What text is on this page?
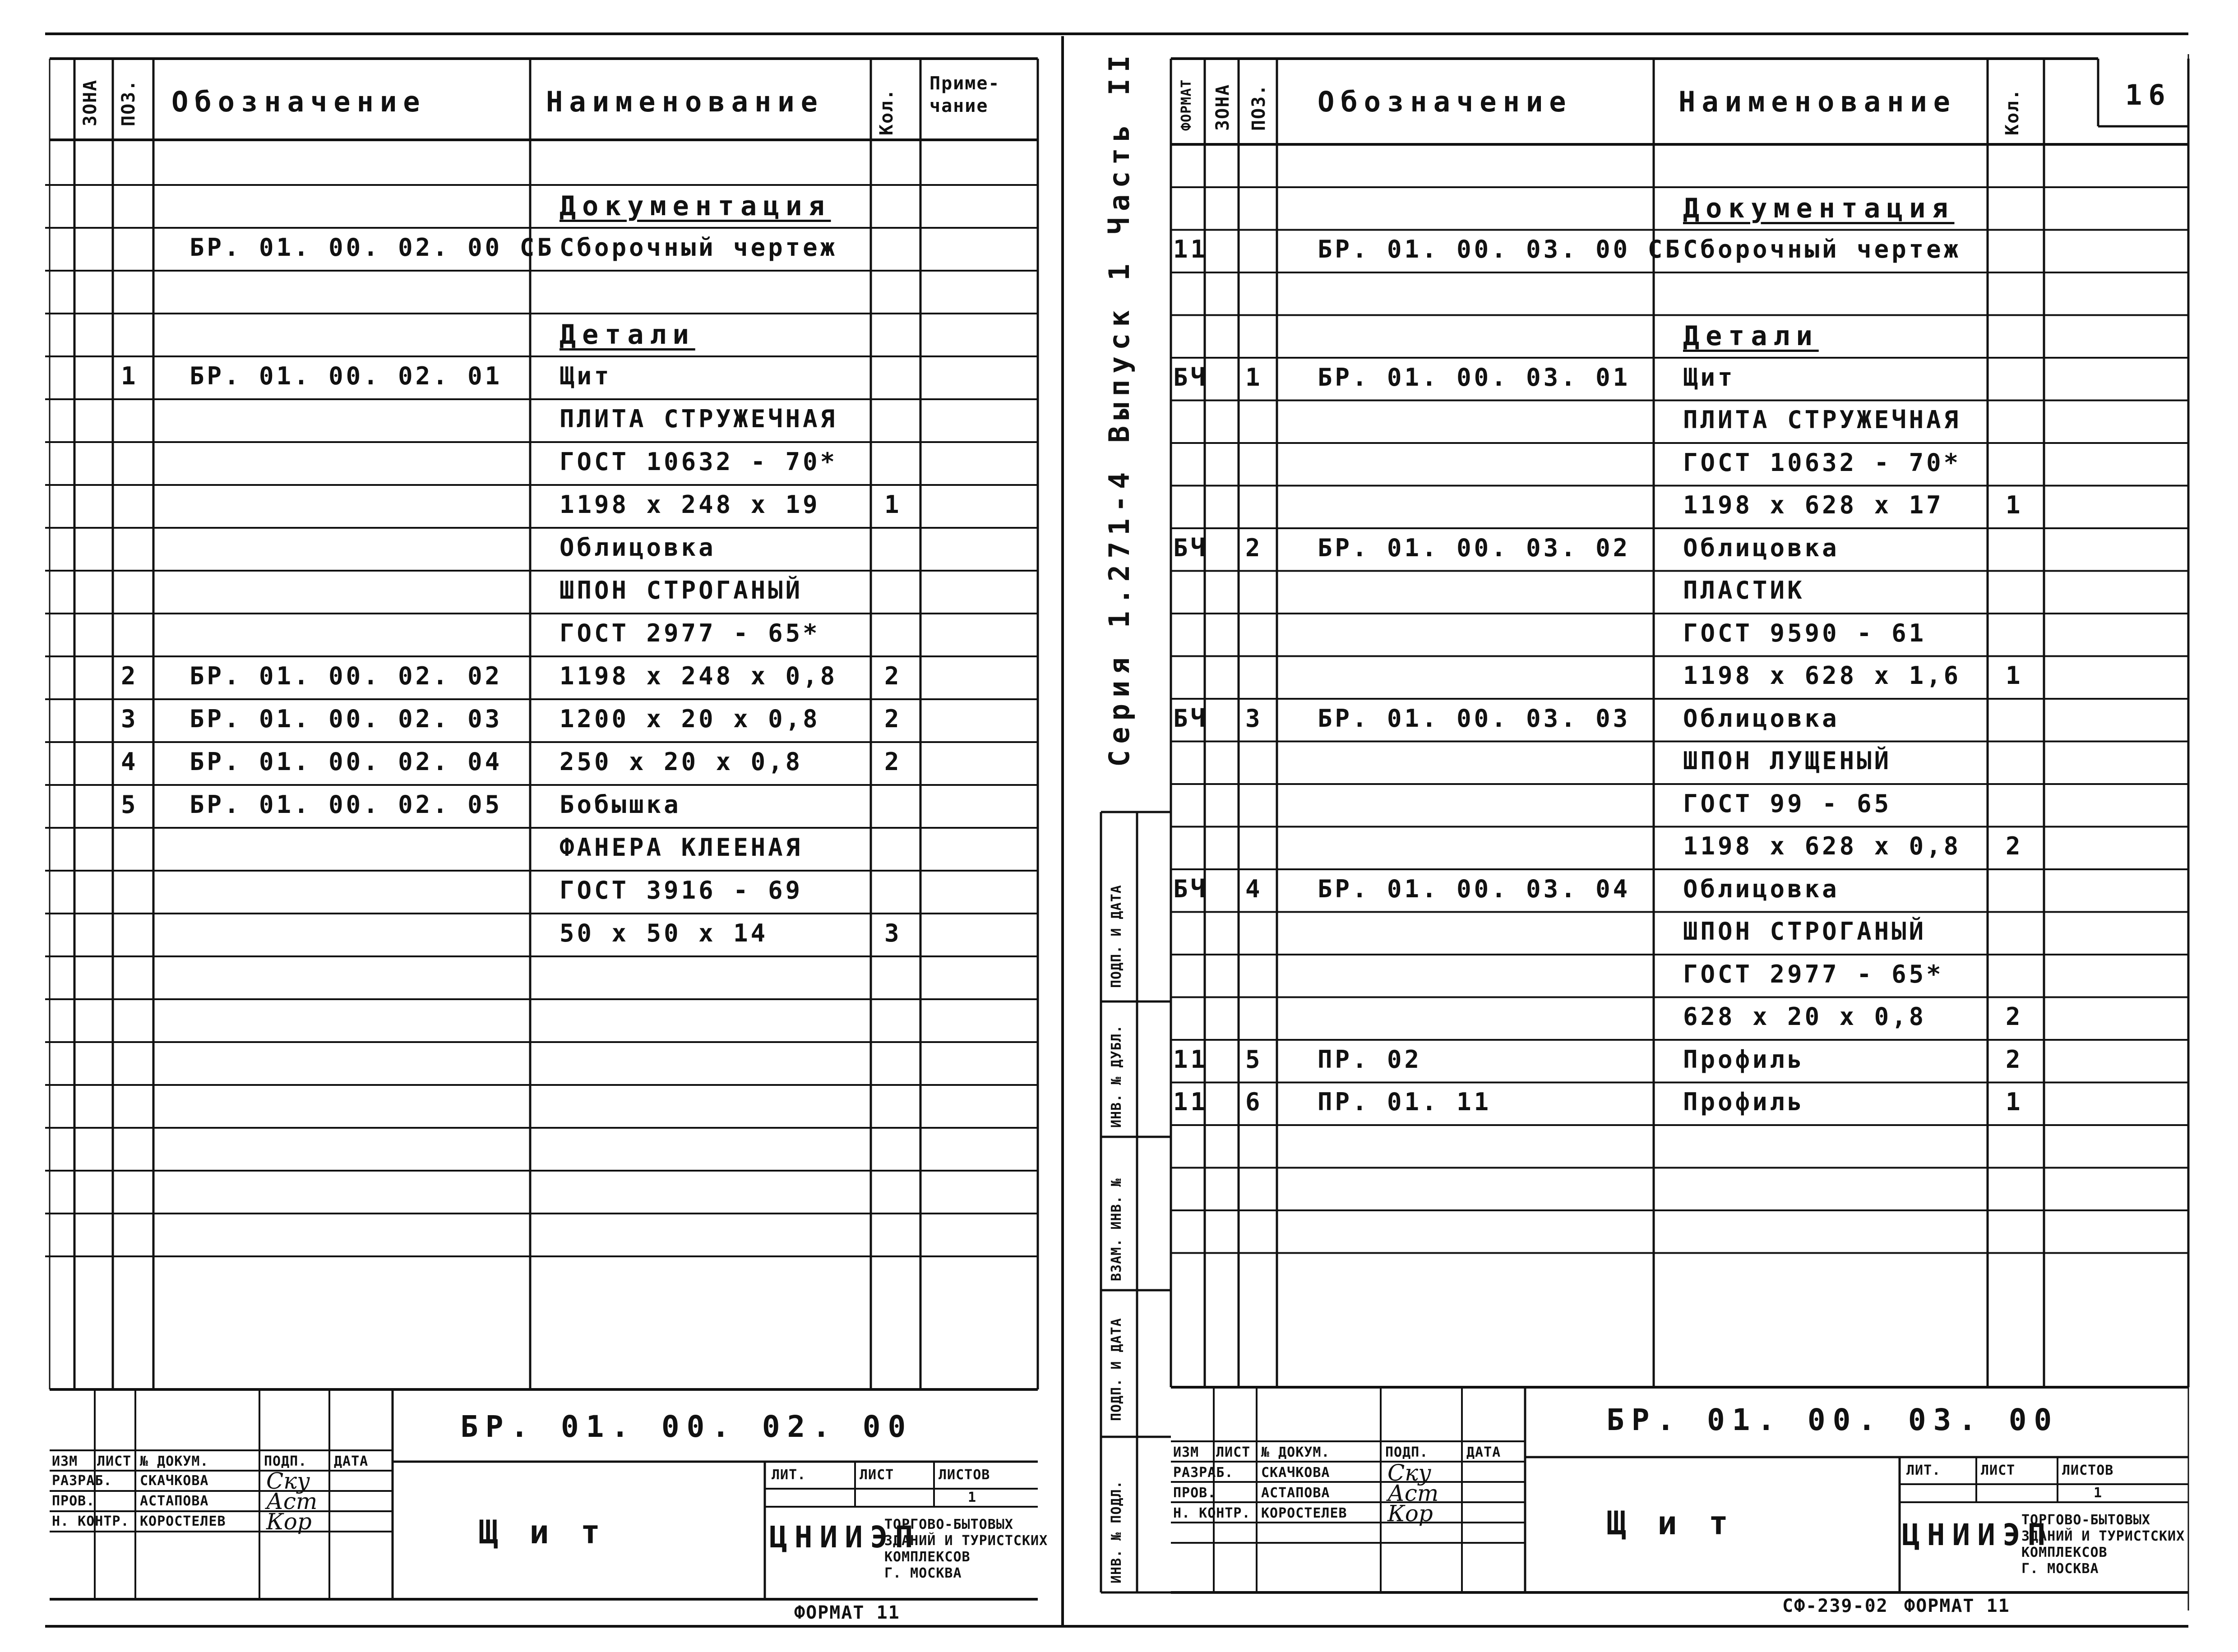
ЗОНА ПОЗ. Обозначение	Наименование	Кол.
Приме-
чание
Документация
БР. 01. 00. 02. 00 СБ Сборочный чертеж
Детали
1 БР. 01. 00. 02. 01 Щит
ПЛИТА СТРУЖЕЧНАЯ
ГОСТ 10632 - 70*
1198 х 248 х 19	1
Облицовка
ШПОН СТРОГАНЫЙ
ГОСТ 2977 - 65*
2 БР. 01. 00. 02. 02 1198 х 248 х 0,8 2
3 БР. 01. 00. 02. 03 1200 х 20 х 0,8	2
4 БР. 01. 00. 02. 04 250 х 20 х 0,8	2
5 БР. 01. 00. 02. 05 Бобышка
ФАНЕРА КЛЕЕНАЯ
ГОСТ 3916 - 69
50 х 50 х 14	3
БР. 01. 00. 02. 00
Щит
ИЗМ ЛИСТ № ДОКУМ.	ПОДП. ДАТА
РАЗРАБ. СКАЧКОВА	Ску
ПРОВ.	АСТАПОВА	Аст
Н. КОНТР. КОРОСТЕЛЕВ Кор
ЛИТ.	ЛИСТ	ЛИСТОВ
1
ЦНИИЭП
ТОРГОВО-БЫТОВЫХ
ЗДАНИЙ И ТУРИСТСКИХ
КОМПЛЕКСОВ
Г. МОСКВА
ФОРМАТ 11
16
ФОРМАТ ЗОНА ПОЗ. Обозначение	Наименование	Кол.
Документация
11	БР. 01. 00. 03. 00 СБ Сборочный чертеж
Детали
БЧ 1 БР. 01. 00. 03. 01 Щит
ПЛИТА СТРУЖЕЧНАЯ
ГОСТ 10632 - 70*
1198 х 628 х 17	1
БЧ 2 БР. 01. 00. 03. 02 Облицовка
ПЛАСТИК
ГОСТ 9590 - 61
1198 х 628 х 1,6 1
БЧ 3 БР. 01. 00. 03. 03 Облицовка
ШПОН ЛУЩЕНЫЙ
ГОСТ 99 - 65
1198 х 628 х 0,8 2
БЧ 4 БР. 01. 00. 03. 04 Облицовка
ШПОН СТРОГАНЫЙ
ГОСТ 2977 - 65*
628 х 20 х 0,8	2
11 5 ПР. 02	Профиль	2
11 6 ПР. 01. 11	Профиль	1
ИНВ. № ПОДЛ.
ПОДП. И ДАТА
ВЗАМ. ИНВ. №
ИНВ. № ДУБЛ.
ПОДП. И ДАТА
Серия 1.271-4 Выпуск 1 Часть II
БР. 01. 00. 03. 00
Щит
ИЗМ ЛИСТ № ДОКУМ.	ПОДП.	ДАТА
РАЗРАБ. СКАЧКОВА	Ску
ПРОВ.	АСТАПОВА	Аст
Н. КОНТР. КОРОСТЕЛЕВ Кор
ЛИТ.	ЛИСТ	ЛИСТОВ
1
ЦНИИЭП
ТОРГОВО-БЫТОВЫХ
ЗДАНИЙ И ТУРИСТСКИХ
КОМПЛЕКСОВ
Г. МОСКВА
СФ-239-02 ФОРМАТ 11
